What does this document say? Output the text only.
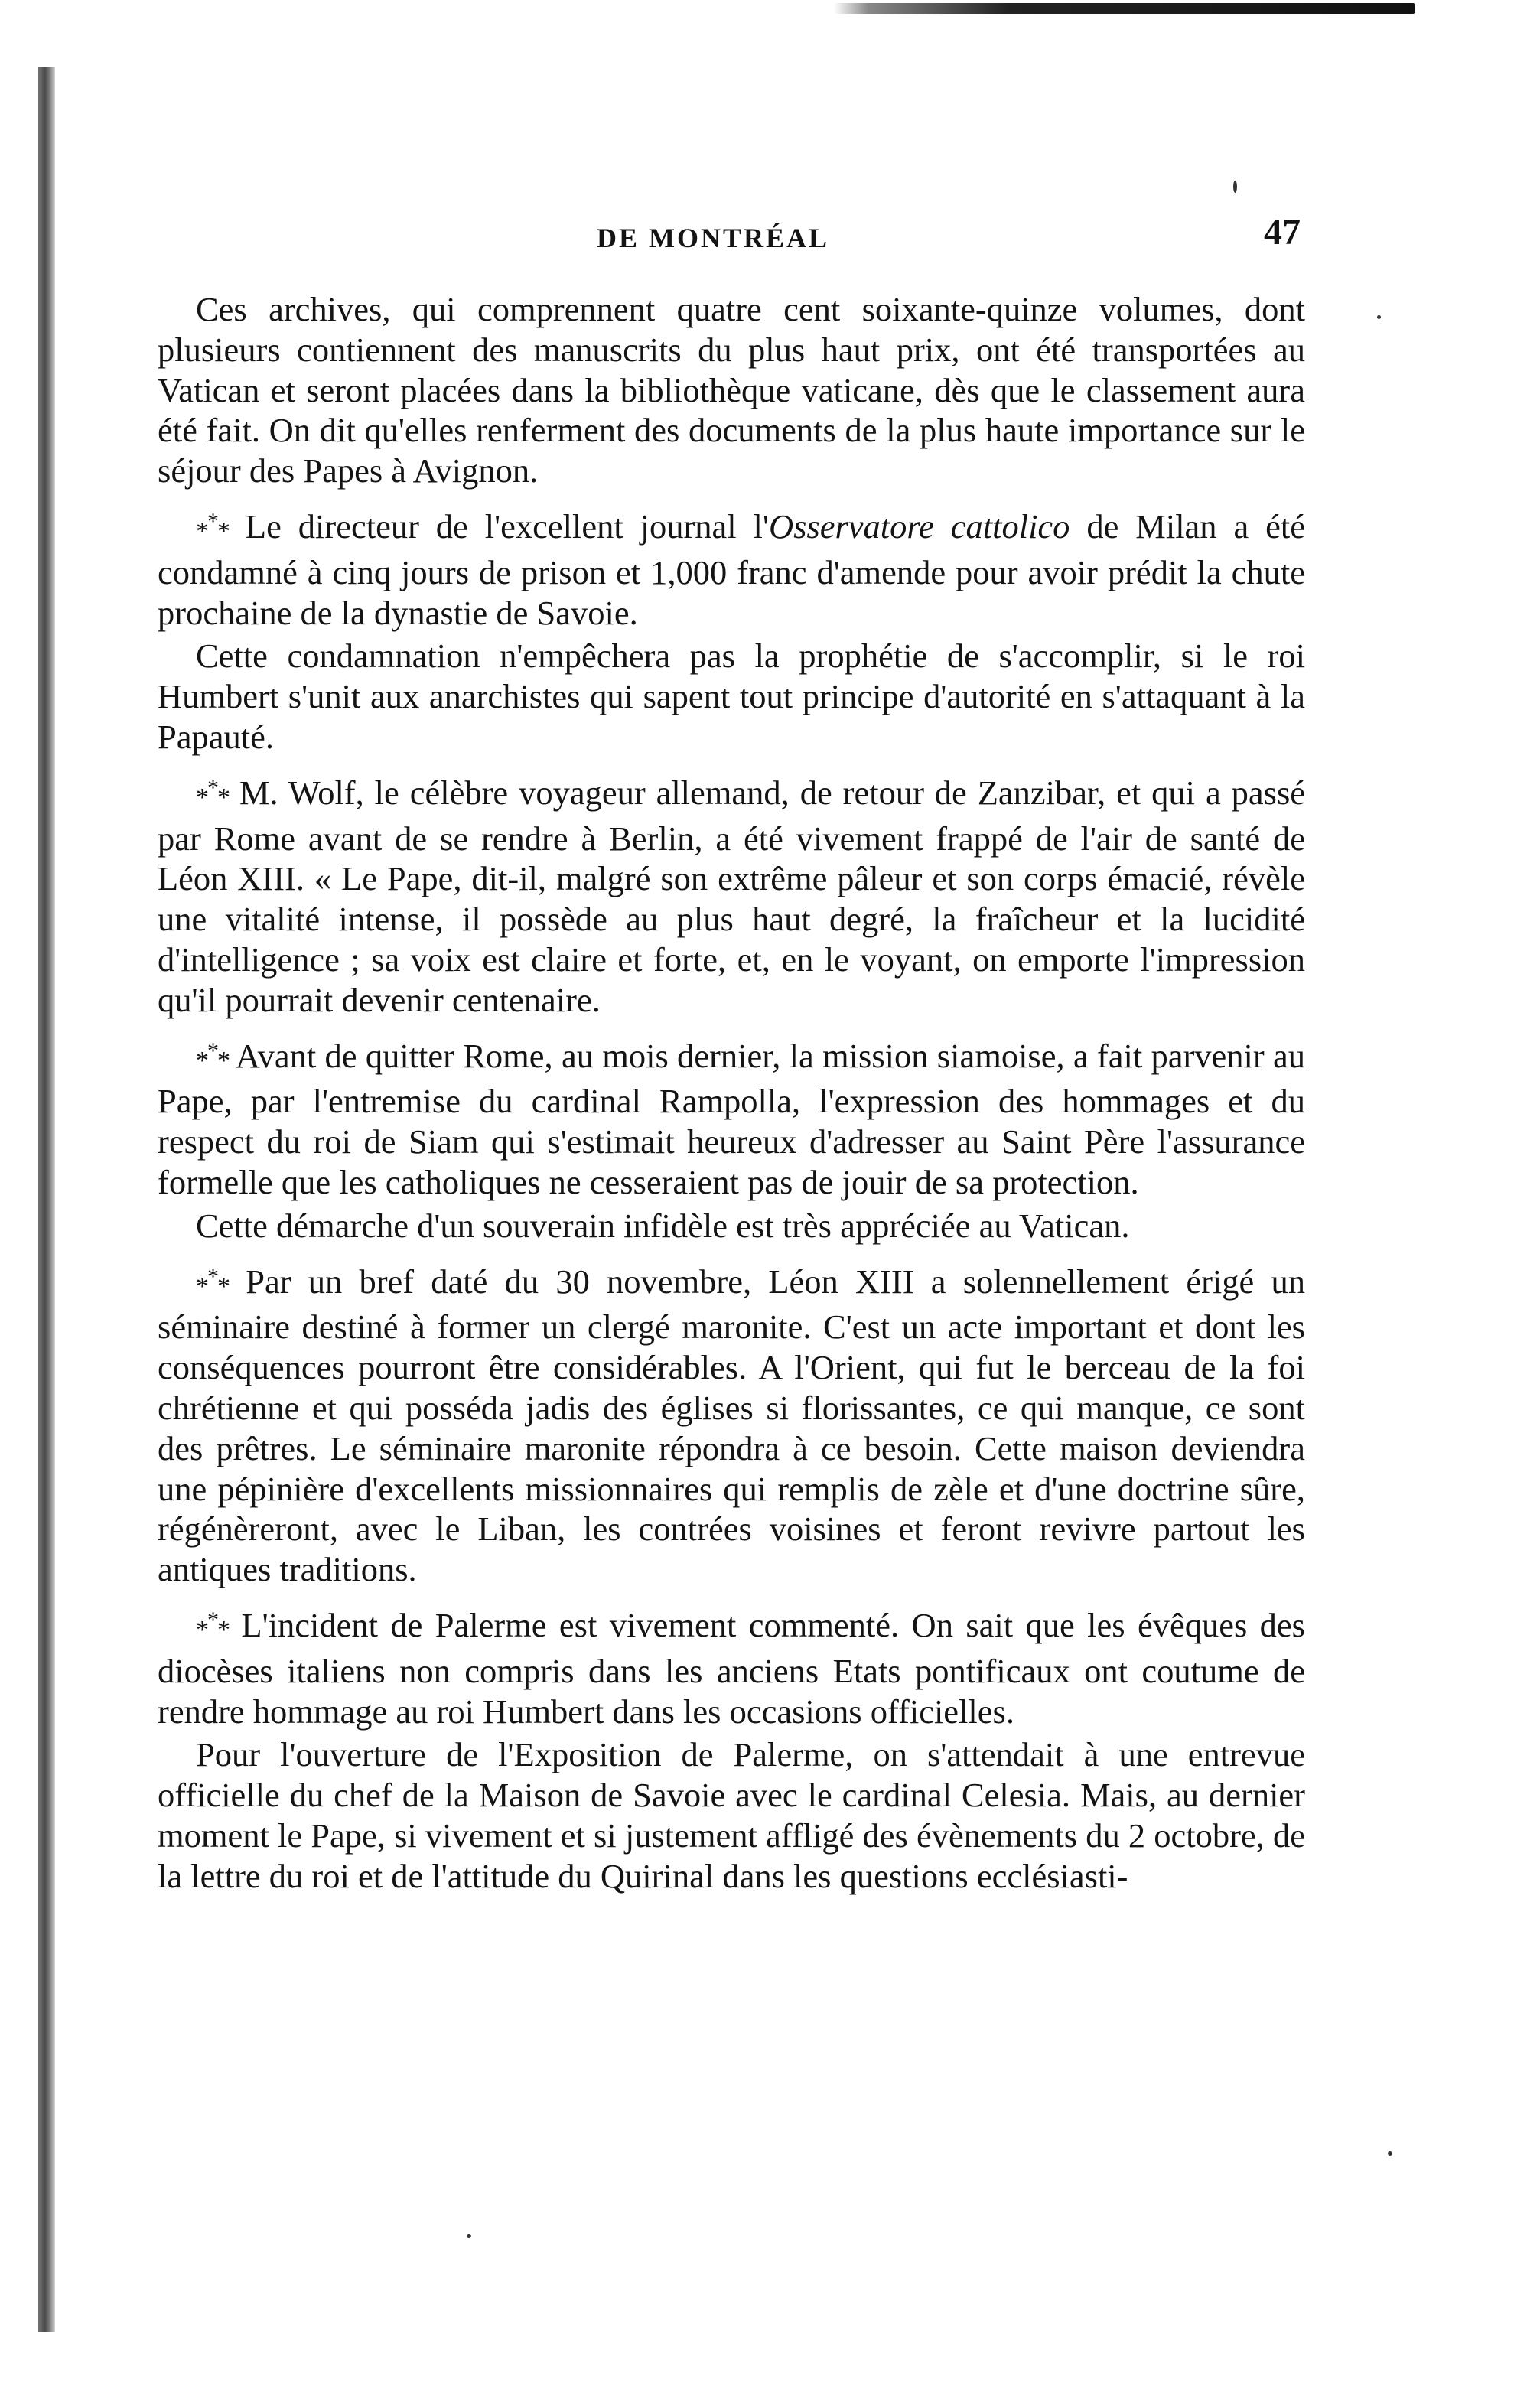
DE MONTRÉAL	47

Ces archives, qui comprennent quatre cent soixante-quinze volumes, dont plusieurs contiennent des manuscrits du plus haut prix, ont été transportées au Vatican et seront placées dans la bibliothèque vaticane, dès que le classement aura été fait. On dit qu'elles renferment des documents de la plus haute importance sur le séjour des Papes à Avignon.

*** Le directeur de l'excellent journal l'Osservatore cattolico de Milan a été condamné à cinq jours de prison et 1,000 franc d'amende pour avoir prédit la chute prochaine de la dynastie de Savoie.

Cette condamnation n'empêchera pas la prophétie de s'accomplir, si le roi Humbert s'unit aux anarchistes qui sapent tout principe d'autorité en s'attaquant à la Papauté.

*** M. Wolf, le célèbre voyageur allemand, de retour de Zanzibar, et qui a passé par Rome avant de se rendre à Berlin, a été vivement frappé de l'air de santé de Léon XIII. « Le Pape, dit-il, malgré son extrême pâleur et son corps émacié, révèle une vitalité intense, il possède au plus haut degré, la fraîcheur et la lucidité d'intelligence ; sa voix est claire et forte, et, en le voyant, on emporte l'impression qu'il pourrait devenir centenaire.

*** Avant de quitter Rome, au mois dernier, la mission siamoise, a fait parvenir au Pape, par l'entremise du cardinal Rampolla, l'expression des hommages et du respect du roi de Siam qui s'estimait heureux d'adresser au Saint Père l'assurance formelle que les catholiques ne cesseraient pas de jouir de sa protection.

Cette démarche d'un souverain infidèle est très appréciée au Vatican.

*** Par un bref daté du 30 novembre, Léon XIII a solennellement érigé un séminaire destiné à former un clergé maronite. C'est un acte important et dont les conséquences pourront être considérables. A l'Orient, qui fut le berceau de la foi chrétienne et qui posséda jadis des églises si florissantes, ce qui manque, ce sont des prêtres. Le séminaire maronite répondra à ce besoin. Cette maison deviendra une pépinière d'excellents missionnaires qui remplis de zèle et d'une doctrine sûre, régénèreront, avec le Liban, les contrées voisines et feront revivre partout les antiques traditions.

*** L'incident de Palerme est vivement commenté. On sait que les évêques des diocèses italiens non compris dans les anciens Etats pontificaux ont coutume de rendre hommage au roi Humbert dans les occasions officielles.

Pour l'ouverture de l'Exposition de Palerme, on s'attendait à une entrevue officielle du chef de la Maison de Savoie avec le cardinal Celesia. Mais, au dernier moment le Pape, si vivement et si justement affligé des évènements du 2 octobre, de la lettre du roi et de l'attitude du Quirinal dans les questions ecclésiasti-
